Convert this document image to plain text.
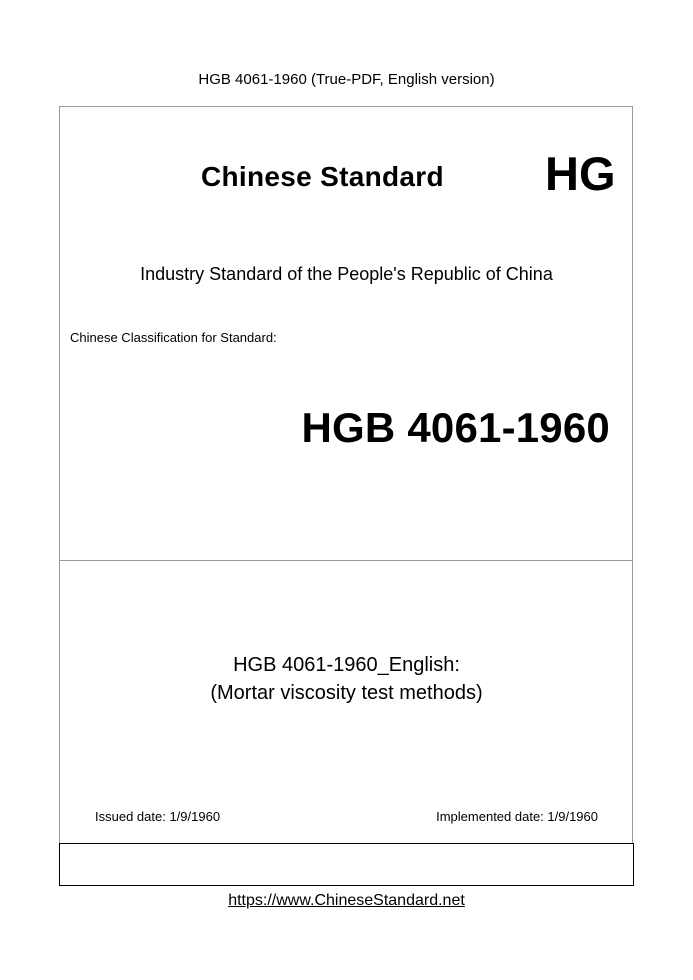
HGB 4061-1960 (True-PDF, English version)
Chinese Standard HG
Industry Standard of the People's Republic of China
Chinese Classification for Standard:
HGB 4061-1960
HGB 4061-1960_English:
(Mortar viscosity test methods)
Issued date: 1/9/1960	Implemented date: 1/9/1960
https://www.ChineseStandard.net
